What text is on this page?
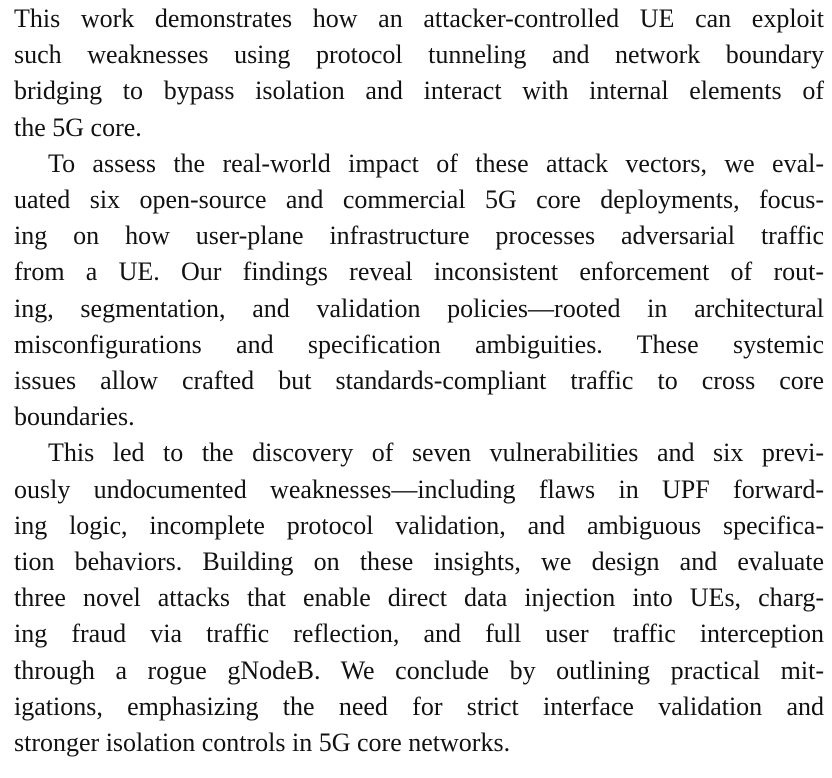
This work demonstrates how an attacker-controlled UE can exploit
such weaknesses using protocol tunneling and network boundary
bridging to bypass isolation and interact with internal elements of
the 5G core.

To assess the real-world impact of these attack vectors, we eval-
uated six open-source and commercial 5G core deployments, focus-
ing on how user-plane infrastructure processes adversarial traffic
from a UE. Our findings reveal inconsistent enforcement of rout-
ing, segmentation, and validation policies—rooted in architectural
misconfigurations and specification ambiguities. These systemic
issues allow crafted but standards-compliant traffic to cross core
boundaries.

This led to the discovery of seven vulnerabilities and six previ-
ously undocumented weaknesses—including flaws in UPF forward-
ing logic, incomplete protocol validation, and ambiguous specifica-
tion behaviors. Building on these insights, we design and evaluate
three novel attacks that enable direct data injection into UEs, charg-
ing fraud via traffic reflection, and full user traffic interception
through a rogue gNodeB. We conclude by outlining practical mit-
igations, emphasizing the need for strict interface validation and
stronger isolation controls in 5G core networks.
